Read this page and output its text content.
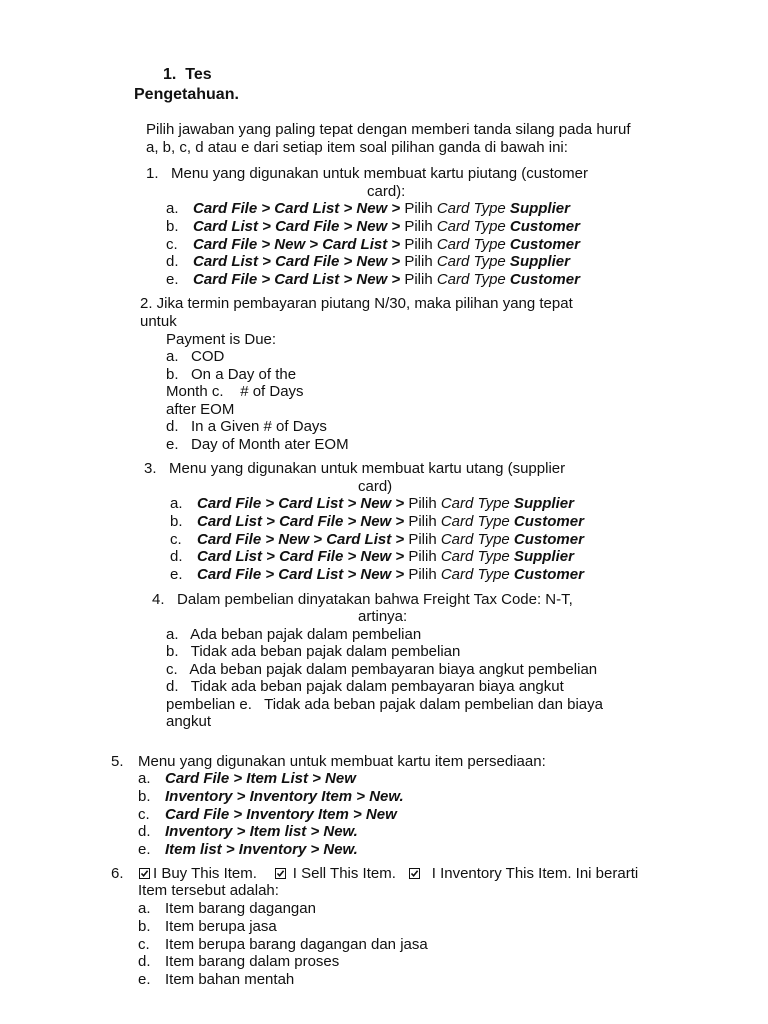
1. Tes
Pengetahuan.
Pilih jawaban yang paling tepat dengan memberi tanda silang pada huruf
a, b, c, d atau e dari setiap item soal pilihan ganda di bawah ini:
1. Menu yang digunakan untuk membuat kartu piutang (customer
card):
a. Card File > Card List > New > Pilih Card Type Supplier
b. Card List > Card File > New > Pilih Card Type Customer
c. Card File > New > Card List > Pilih Card Type Customer
d. Card List > Card File > New > Pilih Card Type Supplier
e. Card File > Card List > New > Pilih Card Type Customer
2. Jika termin pembayaran piutang N/30, maka pilihan yang tepat
untuk
Payment is Due:
a.   COD
b.   On a Day of the
Month c.    # of Days
after EOM
d.   In a Given # of Days
e.   Day of Month ater EOM
3. Menu yang digunakan untuk membuat kartu utang (supplier
card)
a. Card File > Card List > New > Pilih Card Type Supplier
b. Card List > Card File > New > Pilih Card Type Customer
c. Card File > New > Card List > Pilih Card Type Customer
d. Card List > Card File > New > Pilih Card Type Supplier
e. Card File > Card List > New > Pilih Card Type Customer
4. Dalam pembelian dinyatakan bahwa Freight Tax Code: N-T,
artinya:
a.   Ada beban pajak dalam pembelian
b.   Tidak ada beban pajak dalam pembelian
c.   Ada beban pajak dalam pembayaran biaya angkut pembelian
d.   Tidak ada beban pajak dalam pembayaran biaya angkut
pembelian e.   Tidak ada beban pajak dalam pembelian dan biaya
angkut
5. Menu yang digunakan untuk membuat kartu item persediaan:
a. Card File > Item List > New
b. Inventory > Inventory Item > New.
c. Card File > Inventory Item > New
d. Inventory > Item list > New.
e. Item list > Inventory > New.
6. I Buy This Item. I Sell This Item. I Inventory This Item. Ini berarti
Item tersebut adalah:
a. Item barang dagangan
b. Item berupa jasa
c. Item berupa barang dagangan dan jasa
d. Item barang dalam proses
e. Item bahan mentah
